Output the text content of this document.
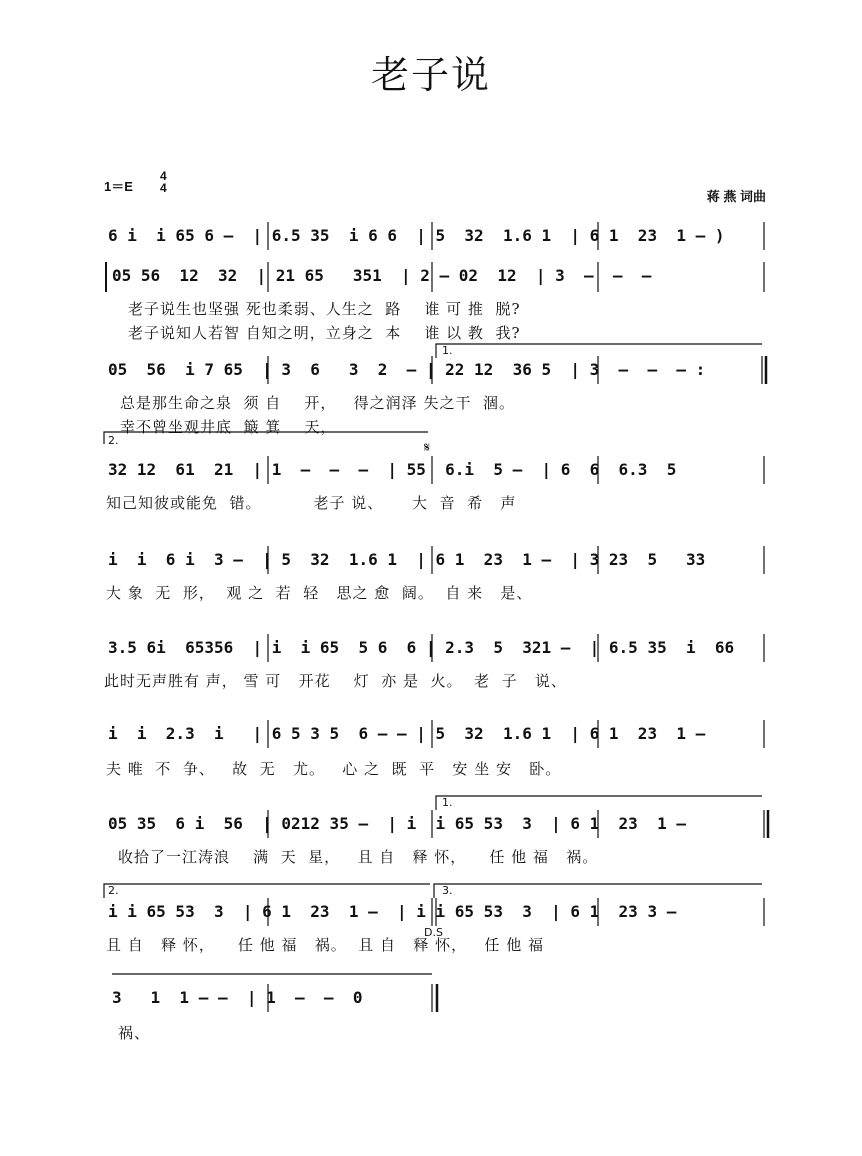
老子说
1＝E
4
4
蒋 燕 词曲
1.
2.
1.
2.	3.
D.S
𝄋
6 i  i 65 6 –  | 6.5 35  i 6 6  | 5  32  1.6 1  | 6 1  23  1 – )
05 56  12  32  | 21 65   351  | 2 – 02  12  | 3  –  –  –
老子说生也坚强 死也柔弱、人生之  路    谁 可 推  脱?
老子说知人若智 自知之明，立身之  本    谁 以 教  我?
05  56  i 7 65  | 3  6   3  2  – | 22 12  36 5  | 3  –  –  – :
总是那生命之泉  须 自    开，   得之润泽 失之干  涸。
幸不曾坐观井底  簸 箕    天，
32 12  61  21  | 1  –  –  –  | 55  6.i  5 –  | 6  6  6.3  5
知己知彼或能免  错。         老子 说、     大  音  希   声
i  i  6 i  3 –  | 5  32  1.6 1  | 6 1  23  1 –  | 3 23  5   33
大 象  无  形，  观 之  若  轻   思之 愈  阔。  自 来   是、
3.5 6i  65356  | i  i 65  5 6  6 | 2.3  5  321 –  | 6.5 35  i  66
此时无声胜有 声， 雪 可   开花    灯  亦 是  火。  老  子   说、
i  i  2.3  i   | 6 5 3 5  6 – – | 5  32  1.6 1  | 6 1  23  1 –
夫 唯  不  争、   故  无   尤。   心 之  既  平   安 坐 安   卧。
05 35  6 i  56  | 0212 35 –  | i  i 65 53  3  | 6 1  23  1 –
收拾了一江涛浪    满  天  星，   且 自   释 怀，    任 他 福   祸。
i i 65 53  3  | 6 1  23  1 –  | i i 65 53  3  | 6 1  23 3 –
且 自   释 怀，    任 他 福   祸。  且 自   释 怀，   任 他 福
3   1  1 – –  | 1  –  –  0
祸、
